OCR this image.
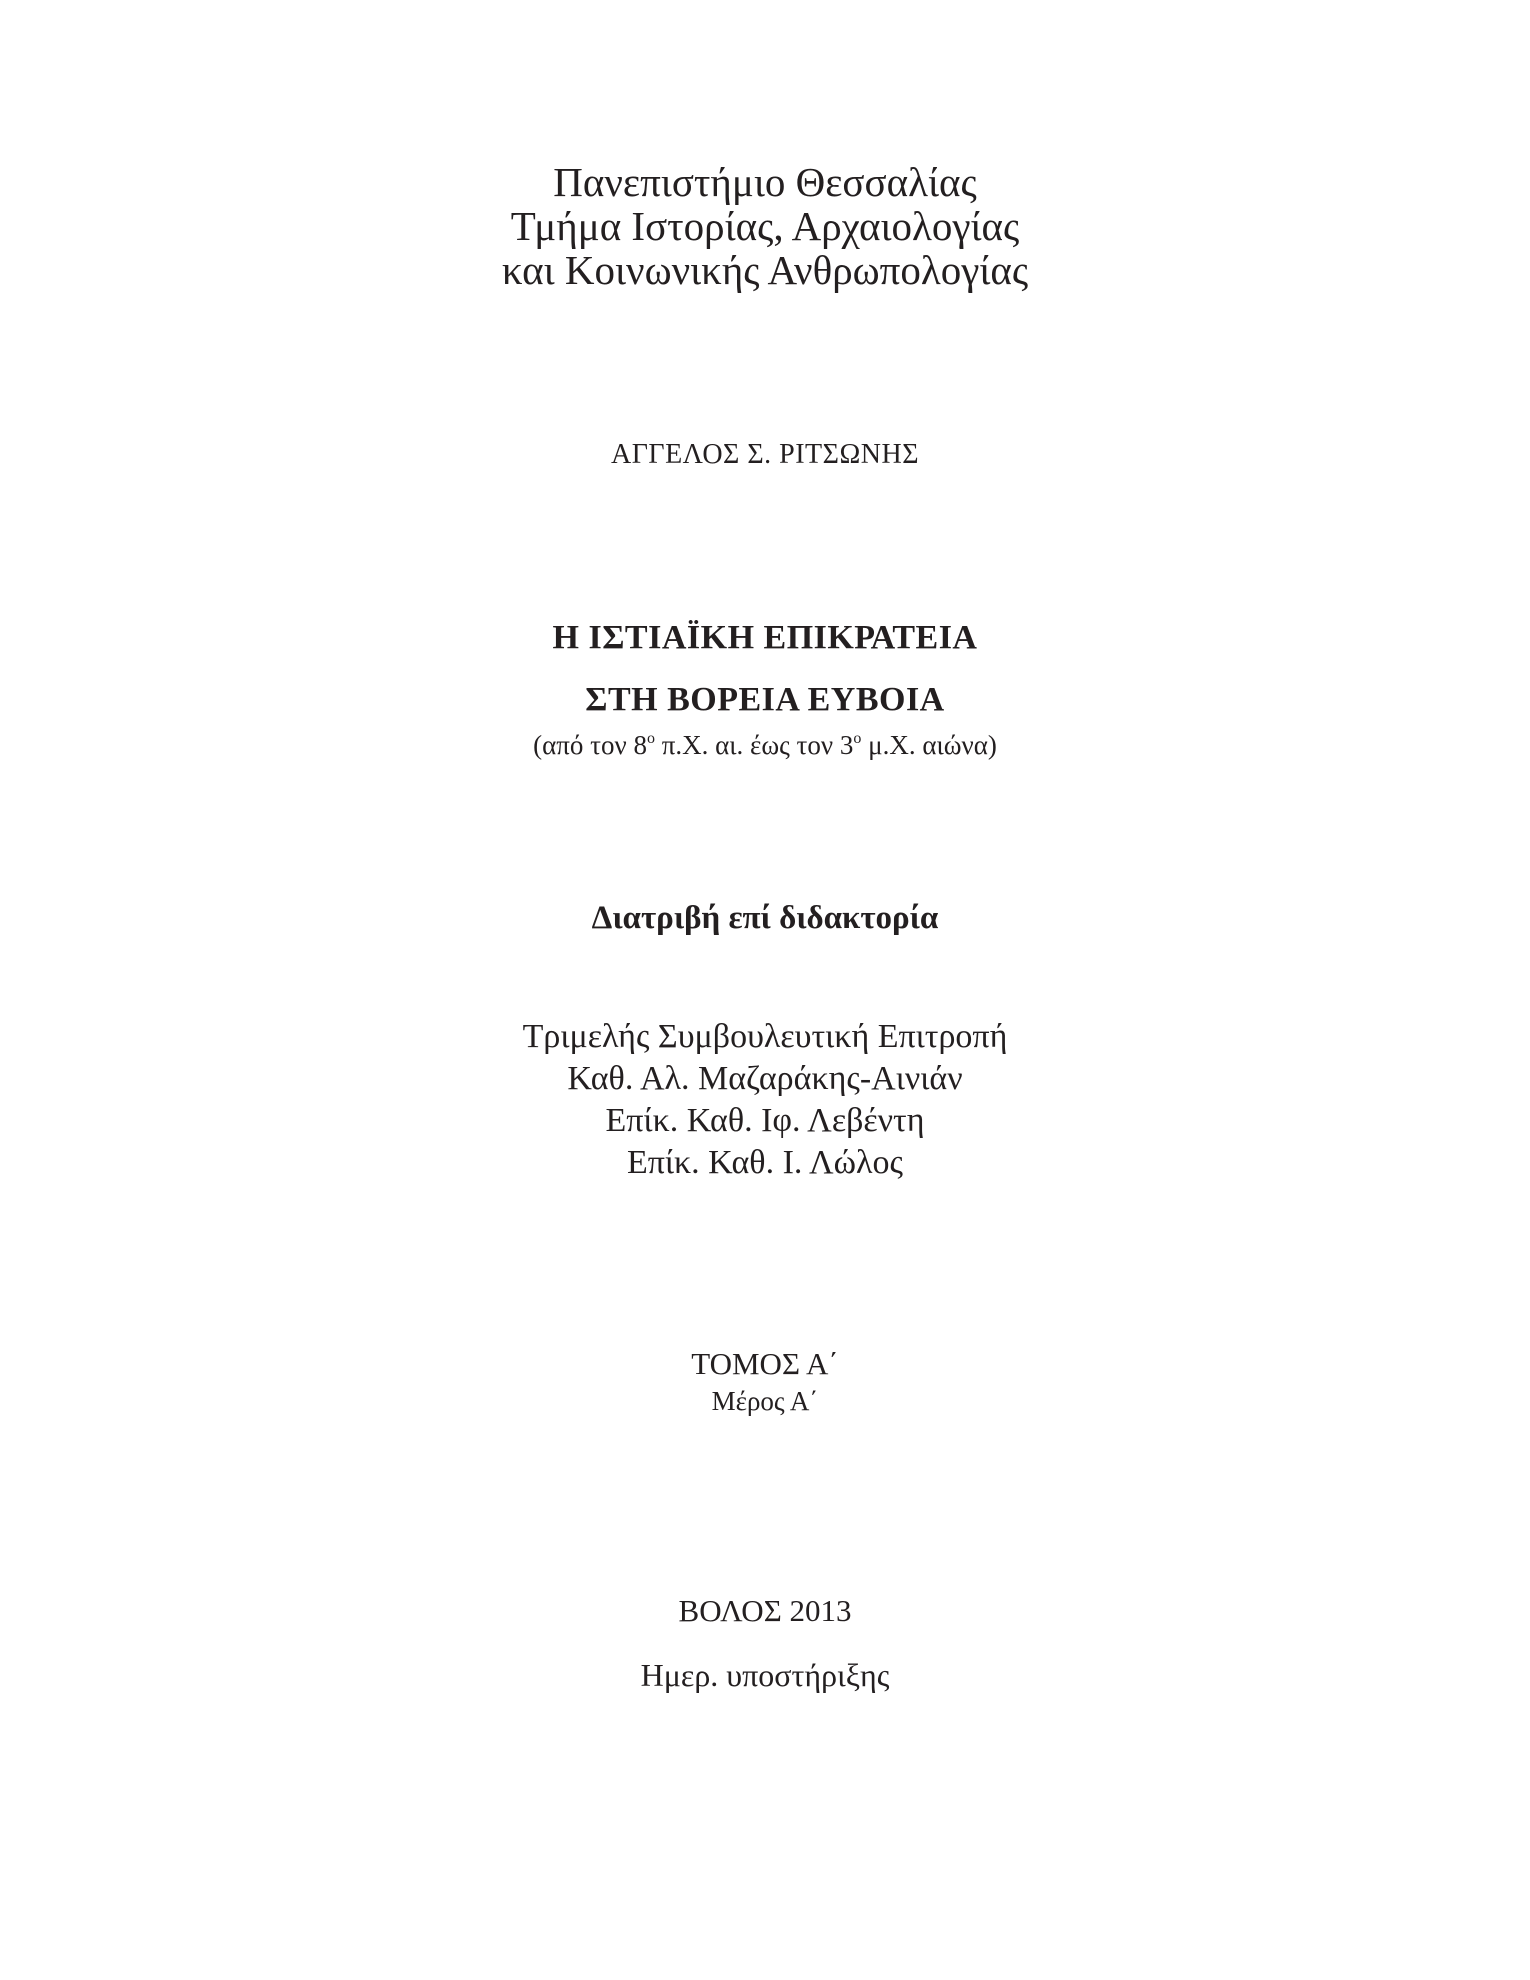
Πανεπιστήμιο Θεσσαλίας
Τμήμα Ιστορίας, Αρχαιολογίας
και Κοινωνικής Ανθρωπολογίας
ΑΓΓΕΛΟΣ Σ. ΡΙΤΣΩΝΗΣ
Η ΙΣΤΙΑΪΚΗ ΕΠΙΚΡΑΤΕΙΑ
ΣΤΗ ΒΟΡΕΙΑ ΕΥΒΟΙΑ
(από τον $8^o$ π.Χ. αι. έως τον $3^o$ μ.Χ. αιώνα)
Διατριβή επί διδακτορία
Τριμελής Συμβουλευτική Επιτροπή
Καθ. Αλ. Μαζαράκης-Αινιάν
Επίκ. Καθ. Ιφ. Λεβέντη
Επίκ. Καθ. Ι. Λώλος
ΤΟΜΟΣ Α΄
Μέρος Α΄
ΒΟΛΟΣ 2013
Ημερ. υποστήριξης
